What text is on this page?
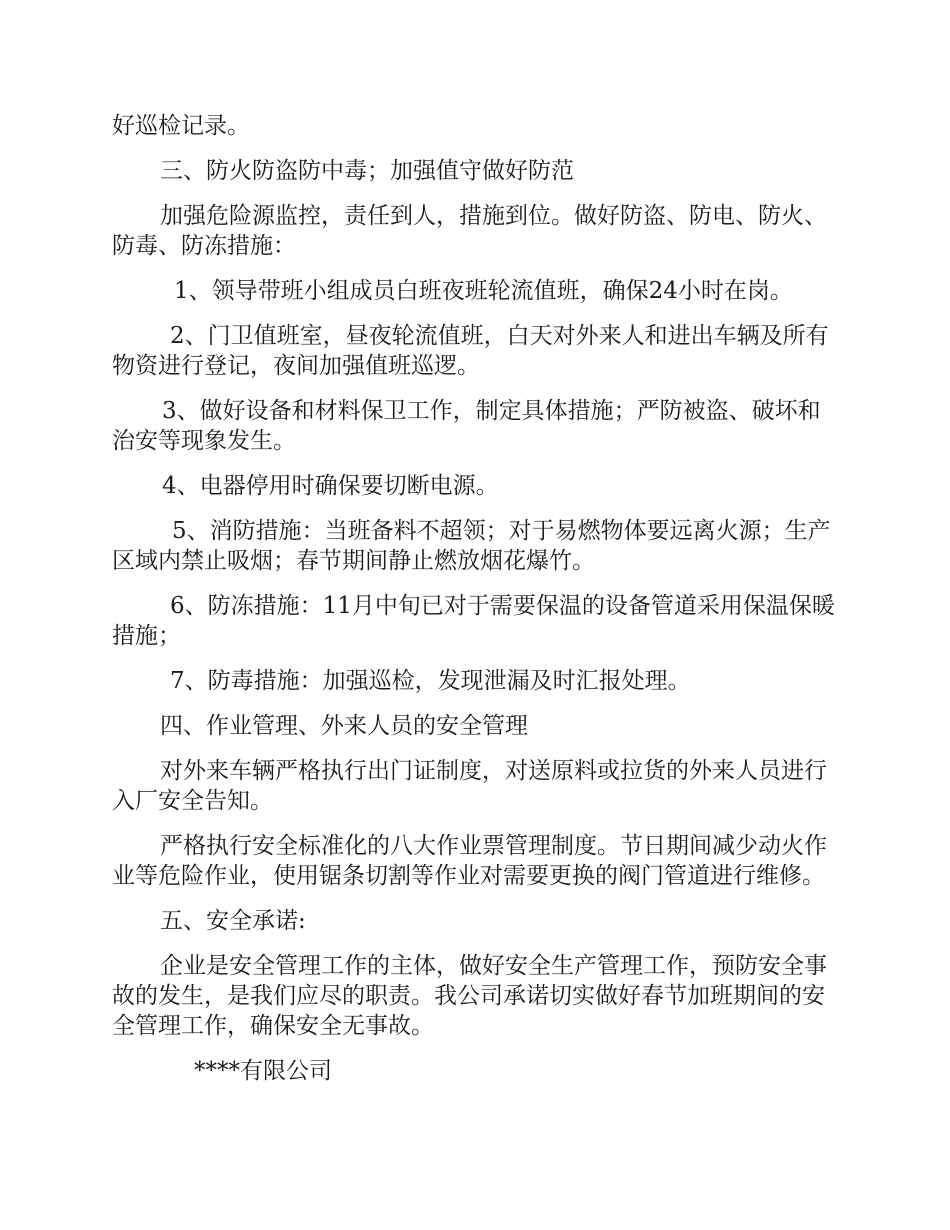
好巡检记录。

三、防火防盗防中毒；加强值守做好防范

加强危险源监控，责任到人，措施到位。做好防盗、防电、防火、防毒、防冻措施：

1、领导带班小组成员白班夜班轮流值班，确保24小时在岗。

2、门卫值班室，昼夜轮流值班，白天对外来人和进出车辆及所有物资进行登记，夜间加强值班巡逻。

3、做好设备和材料保卫工作，制定具体措施；严防被盗、破坏和治安等现象发生。

4、电器停用时确保要切断电源。

5、消防措施：当班备料不超领；对于易燃物体要远离火源；生产区域内禁止吸烟；春节期间静止燃放烟花爆竹。

6、防冻措施：11月中旬已对于需要保温的设备管道采用保温保暖措施；

7、防毒措施：加强巡检，发现泄漏及时汇报处理。

四、作业管理、外来人员的安全管理

对外来车辆严格执行出门证制度，对送原料或拉货的外来人员进行入厂安全告知。

严格执行安全标准化的八大作业票管理制度。节日期间减少动火作业等危险作业，使用锯条切割等作业对需要更换的阀门管道进行维修。

五、安全承诺:

企业是安全管理工作的主体，做好安全生产管理工作，预防安全事故的发生，是我们应尽的职责。我公司承诺切实做好春节加班期间的安全管理工作，确保安全无事故。

****有限公司
